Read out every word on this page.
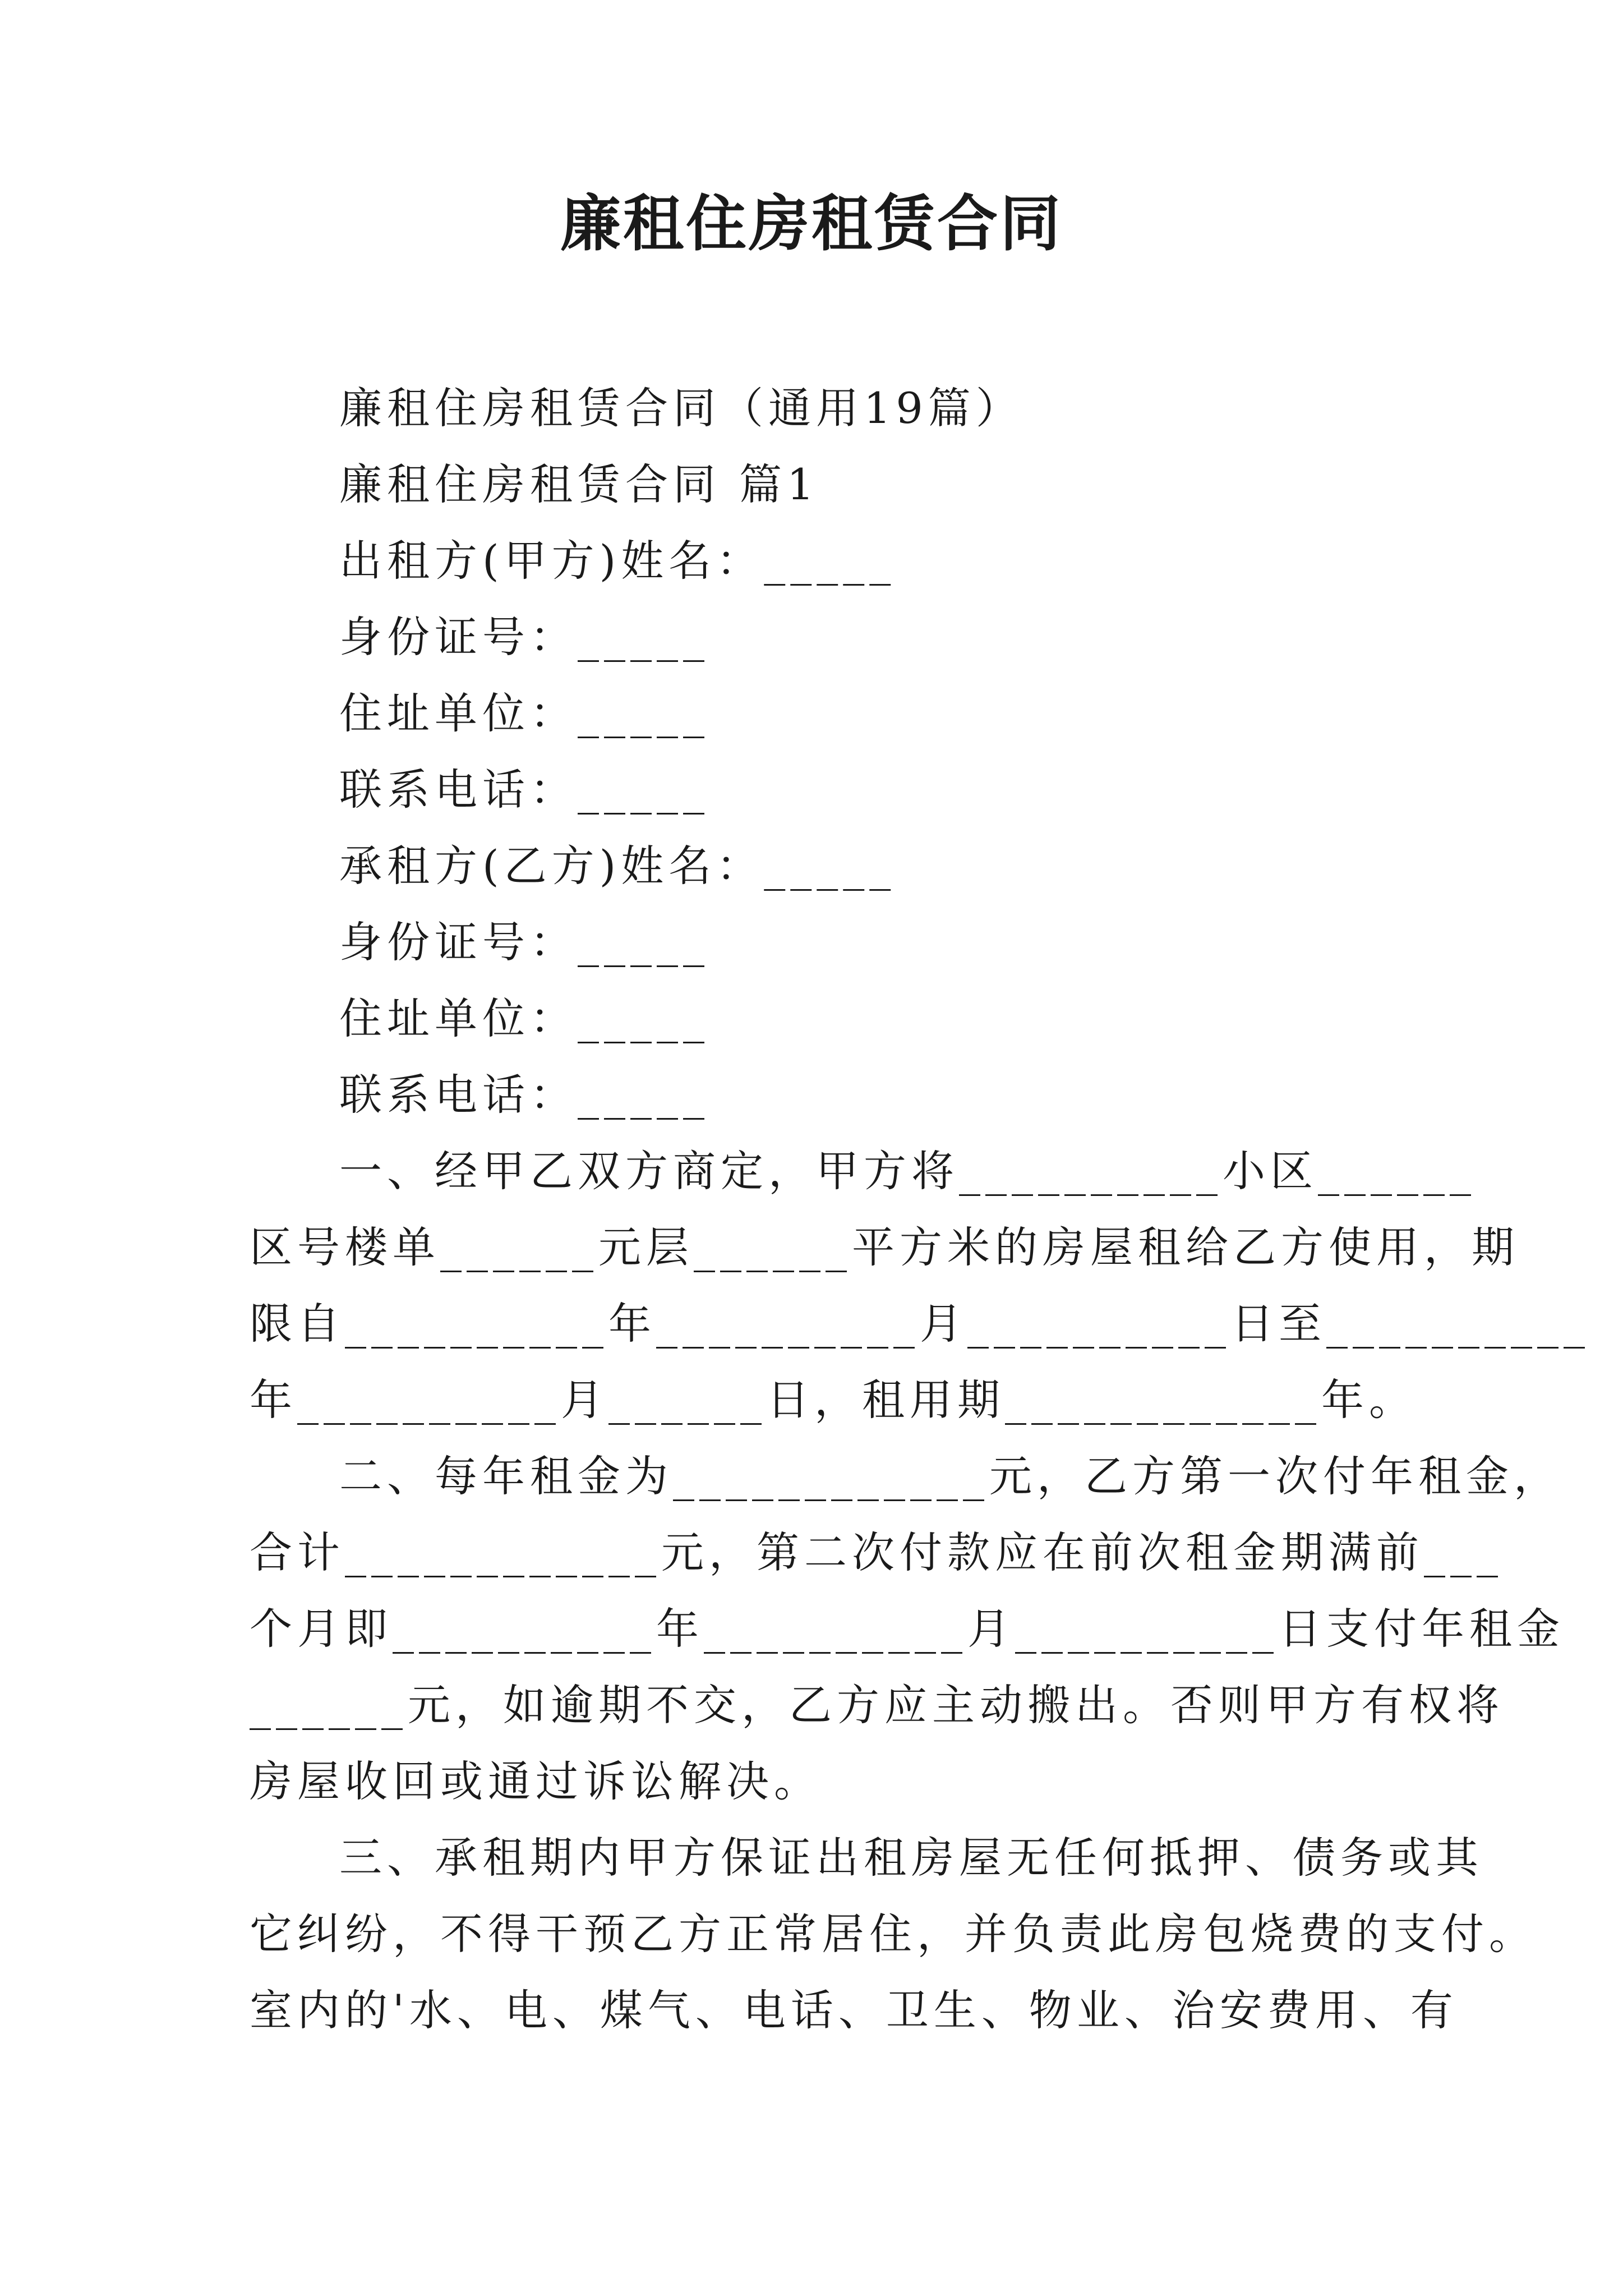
廉租住房租赁合同
廉租住房租赁合同（通用19篇）
廉租住房租赁合同 篇1
出租方(甲方)姓名：_____
身份证号：_____
住址单位：_____
联系电话：_____
承租方(乙方)姓名：_____
身份证号：_____
住址单位：_____
联系电话：_____
一、经甲乙双方商定，甲方将__________小区______
区号楼单______元层______平方米的房屋租给乙方使用，期
限自__________年__________月__________日至__________
年__________月______日，租用期____________年。
二、每年租金为____________元，乙方第一次付年租金，
合计____________元，第二次付款应在前次租金期满前___
个月即__________年__________月__________日支付年租金
______元，如逾期不交，乙方应主动搬出。否则甲方有权将
房屋收回或通过诉讼解决。
三、承租期内甲方保证出租房屋无任何抵押、债务或其
它纠纷，不得干预乙方正常居住，并负责此房包烧费的支付。
室内的'水、电、煤气、电话、卫生、物业、治安费用、有
